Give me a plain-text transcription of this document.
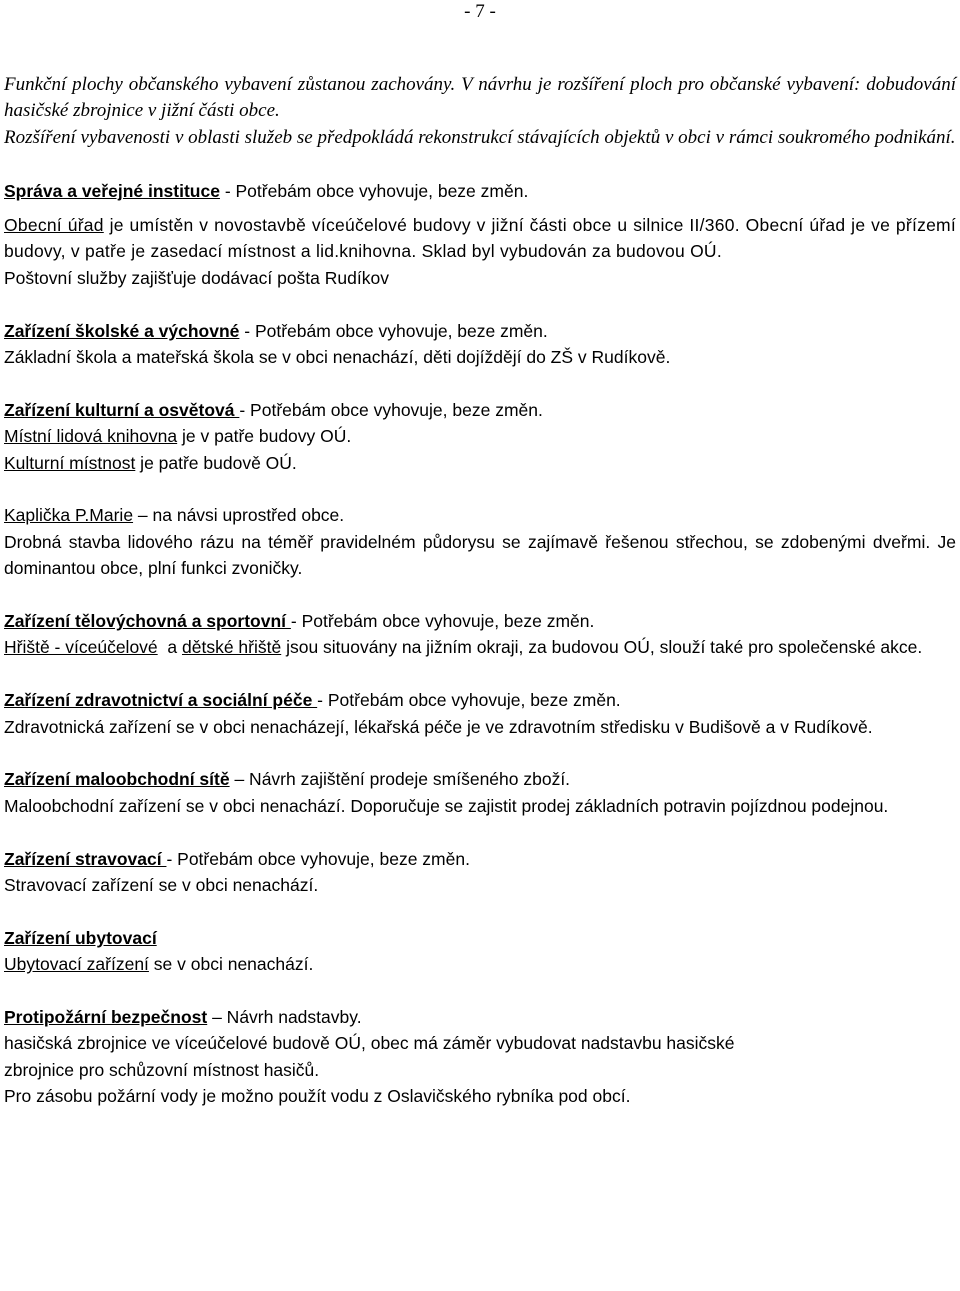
- 7 -

Funkční plochy občanského vybavení zůstanou zachovány. V návrhu je rozšíření ploch pro občanské vybavení: dobudování hasičské zbrojnice v jižní části obce.

Rozšíření vybavenosti v oblasti služeb se předpokládá rekonstrukcí stávajících objektů v obci v rámci soukromého podnikání.

Správa a veřejné instituce - Potřebám obce vyhovuje, beze změn.

Obecní úřad je umístěn v novostavbě víceúčelové budovy v jižní části obce u silnice II/360. Obecní úřad je ve přízemí budovy, v patře je zasedací místnost a lid.knihovna. Sklad byl vybudován za budovou OÚ.

Poštovní služby zajišťuje dodávací pošta Rudíkov

Zařízení školské a výchovné - Potřebám obce vyhovuje, beze změn.

Základní škola a mateřská škola se v obci nenachází, děti dojíždějí do ZŠ v Rudíkově.

Zařízení kulturní a osvětová - Potřebám obce vyhovuje, beze změn.

Místní lidová knihovna je v patře budovy OÚ.

Kulturní místnost je patře budově OÚ.

Kaplička P.Marie – na návsi uprostřed obce.

Drobná stavba lidového rázu na téměř pravidelném půdorysu se zajímavě řešenou střechou, se zdobenými dveřmi. Je dominantou obce, plní funkci zvoničky.

Zařízení tělovýchovná a sportovní - Potřebám obce vyhovuje, beze změn.

Hřiště - víceúčelové  a dětské hřiště jsou situovány na jižním okraji, za budovou OÚ, slouží také pro společenské akce.

Zařízení zdravotnictví a sociální péče - Potřebám obce vyhovuje, beze změn.

Zdravotnická zařízení se v obci nenacházejí, lékařská péče je ve zdravotním středisku v Budišově a v Rudíkově.

Zařízení maloobchodní sítě – Návrh zajištění prodeje smíšeného zboží.

Maloobchodní zařízení se v obci nenachází. Doporučuje se zajistit prodej základních potravin pojízdnou podejnou.

Zařízení stravovací - Potřebám obce vyhovuje, beze změn.

Stravovací zařízení se v obci nenachází.

Zařízení ubytovací

Ubytovací zařízení se v obci nenachází.

Protipožární bezpečnost – Návrh nadstavby.

hasičská zbrojnice ve víceúčelové budově OÚ, obec má záměr vybudovat nadstavbu hasičské

zbrojnice pro schůzovní místnost hasičů.

Pro zásobu požární vody je možno použít vodu z Oslavičského rybníka pod obcí.
